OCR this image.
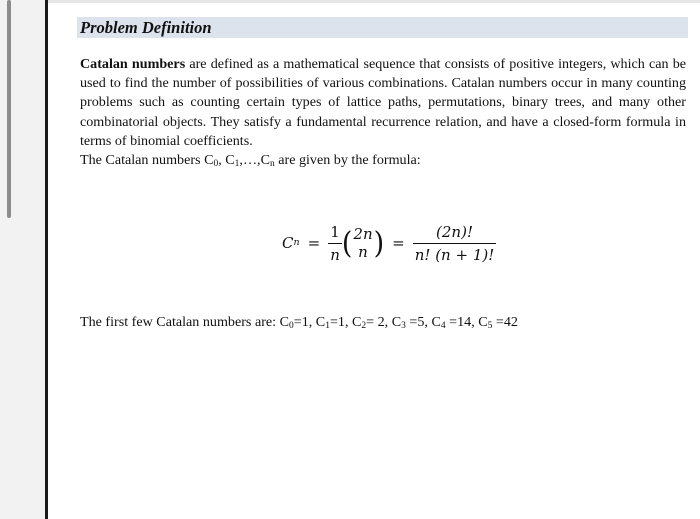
Problem Definition
Catalan numbers are defined as a mathematical sequence that consists of positive integers, which can be used to find the number of possibilities of various combinations. Catalan numbers occur in many counting problems such as counting certain types of lattice paths, permutations, binary trees, and many other combinatorial objects. They satisfy a fundamental recurrence relation, and have a closed-form formula in terms of binomial coefficients.
The Catalan numbers $C_0$, $C_1,\dots,C_n$ are given by the formula:
C $n = \frac{1}{n}$ ( 2n
n ) = $\frac{(2n)!}{n! (n + 1)!}$
The first few Catalan numbers are: $C_0=1$, $C_1=1$, $C_2= 2$, $C_3 =5$, $C_4 =14$, $C_5 =42$
